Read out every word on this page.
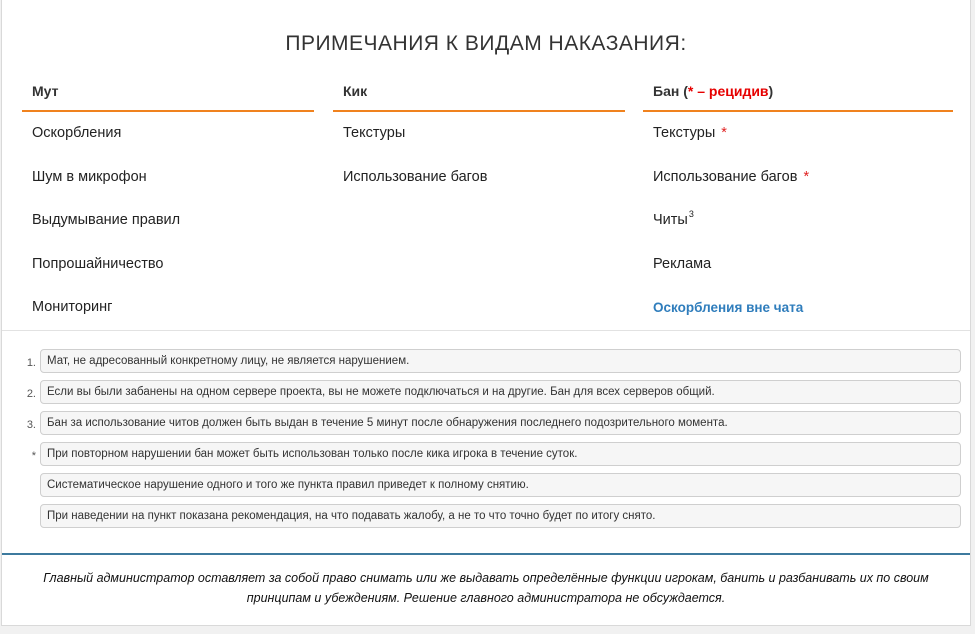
ПРИМЕЧАНИЯ К ВИДАМ НАКАЗАНИЯ:
Мут
Оскорбления
Шум в микрофон
Выдумывание правил
Попрошайничество
Мониторинг
Кик
Текстуры
Использование багов
Бан (* – рецидив)
Текстуры *
Использование багов *
Читы$^3$
Реклама
Оскорбления вне чата
1. Мат, не адресованный конкретному лицу, не является нарушением.
2. Если вы были забанены на одном сервере проекта, вы не можете подключаться и на другие. Бан для всех серверов общий.
3. Бан за использование читов должен быть выдан в течение 5 минут после обнаружения последнего подозрительного момента.
* При повторном нарушении бан может быть использован только после кика игрока в течение суток.
Систематическое нарушение одного и того же пункта правил приведет к полному снятию.
При наведении на пункт показана рекомендация, на что подавать жалобу, а не то что точно будет по итогу снято.
Главный администратор оставляет за собой право снимать или же выдавать определённые функции игрокам, банить и разбанивать их по своим принципам и убеждениям. Решение главного администратора не обсуждается.
